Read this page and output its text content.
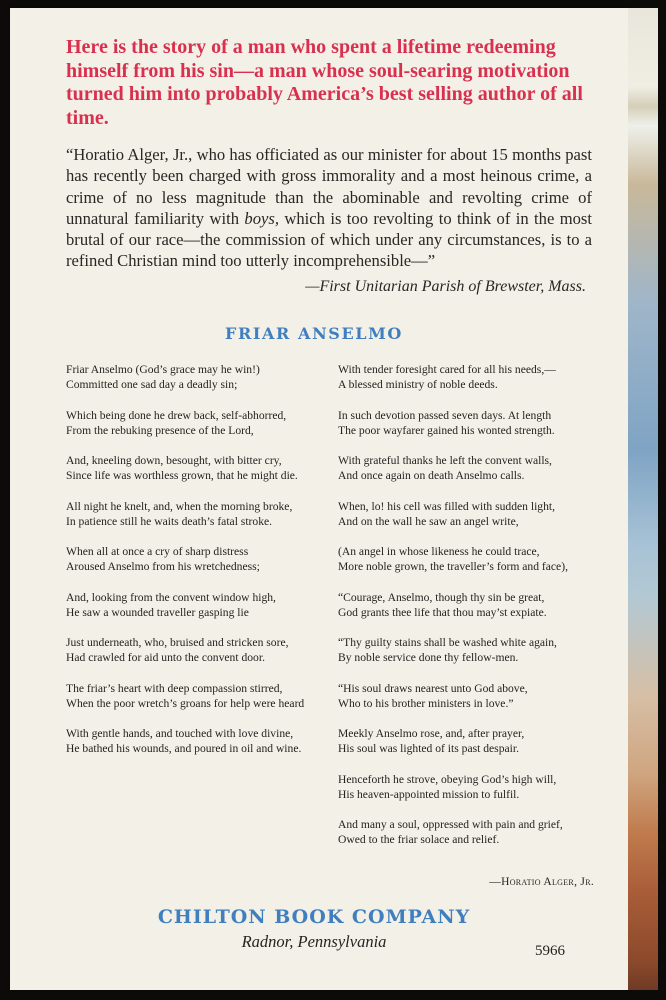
Here is the story of a man who spent a lifetime redeeming himself from his sin—a man whose soul-searing motivation turned him into probably America’s best selling author of all time.

“Horatio Alger, Jr., who has officiated as our minister for about 15 months past has recently been charged with gross immorality and a most heinous crime, a crime of no less magnitude than the abominable and revolting crime of unnatural familiarity with boys, which is too revolting to think of in the most brutal of our race—the commission of which under any circumstances, is to a refined Christian mind too utterly incomprehensible—”

—First Unitarian Parish of Brewster, Mass.
FRIAR ANSELMO

Friar Anselmo (God’s grace may he win!)
Committed one sad day a deadly sin;

Which being done he drew back, self-abhorred,
From the rebuking presence of the Lord,

And, kneeling down, besought, with bitter cry,
Since life was worthless grown, that he might die.

All night he knelt, and, when the morning broke,
In patience still he waits death’s fatal stroke.

When all at once a cry of sharp distress
Aroused Anselmo from his wretchedness;

And, looking from the convent window high,
He saw a wounded traveller gasping lie

Just underneath, who, bruised and stricken sore,
Had crawled for aid unto the convent door.

The friar’s heart with deep compassion stirred,
When the poor wretch’s groans for help were heard

With gentle hands, and touched with love divine,
He bathed his wounds, and poured in oil and wine.

With tender foresight cared for all his needs,—
A blessed ministry of noble deeds.

In such devotion passed seven days. At length
The poor wayfarer gained his wonted strength.

With grateful thanks he left the convent walls,
And once again on death Anselmo calls.

When, lo! his cell was filled with sudden light,
And on the wall he saw an angel write,

(An angel in whose likeness he could trace,
More noble grown, the traveller’s form and face),

“Courage, Anselmo, though thy sin be great,
God grants thee life that thou may’st expiate.

“Thy guilty stains shall be washed white again,
By noble service done thy fellow-men.

“His soul draws nearest unto God above,
Who to his brother ministers in love.”

Meekly Anselmo rose, and, after prayer,
His soul was lighted of its past despair.

Henceforth he strove, obeying God’s high will,
His heaven-appointed mission to fulfil.

And many a soul, oppressed with pain and grief,
Owed to the friar solace and relief.

—Horatio Alger, Jr.
CHILTON BOOK COMPANY
Radnor, Pennsylvania	5966
